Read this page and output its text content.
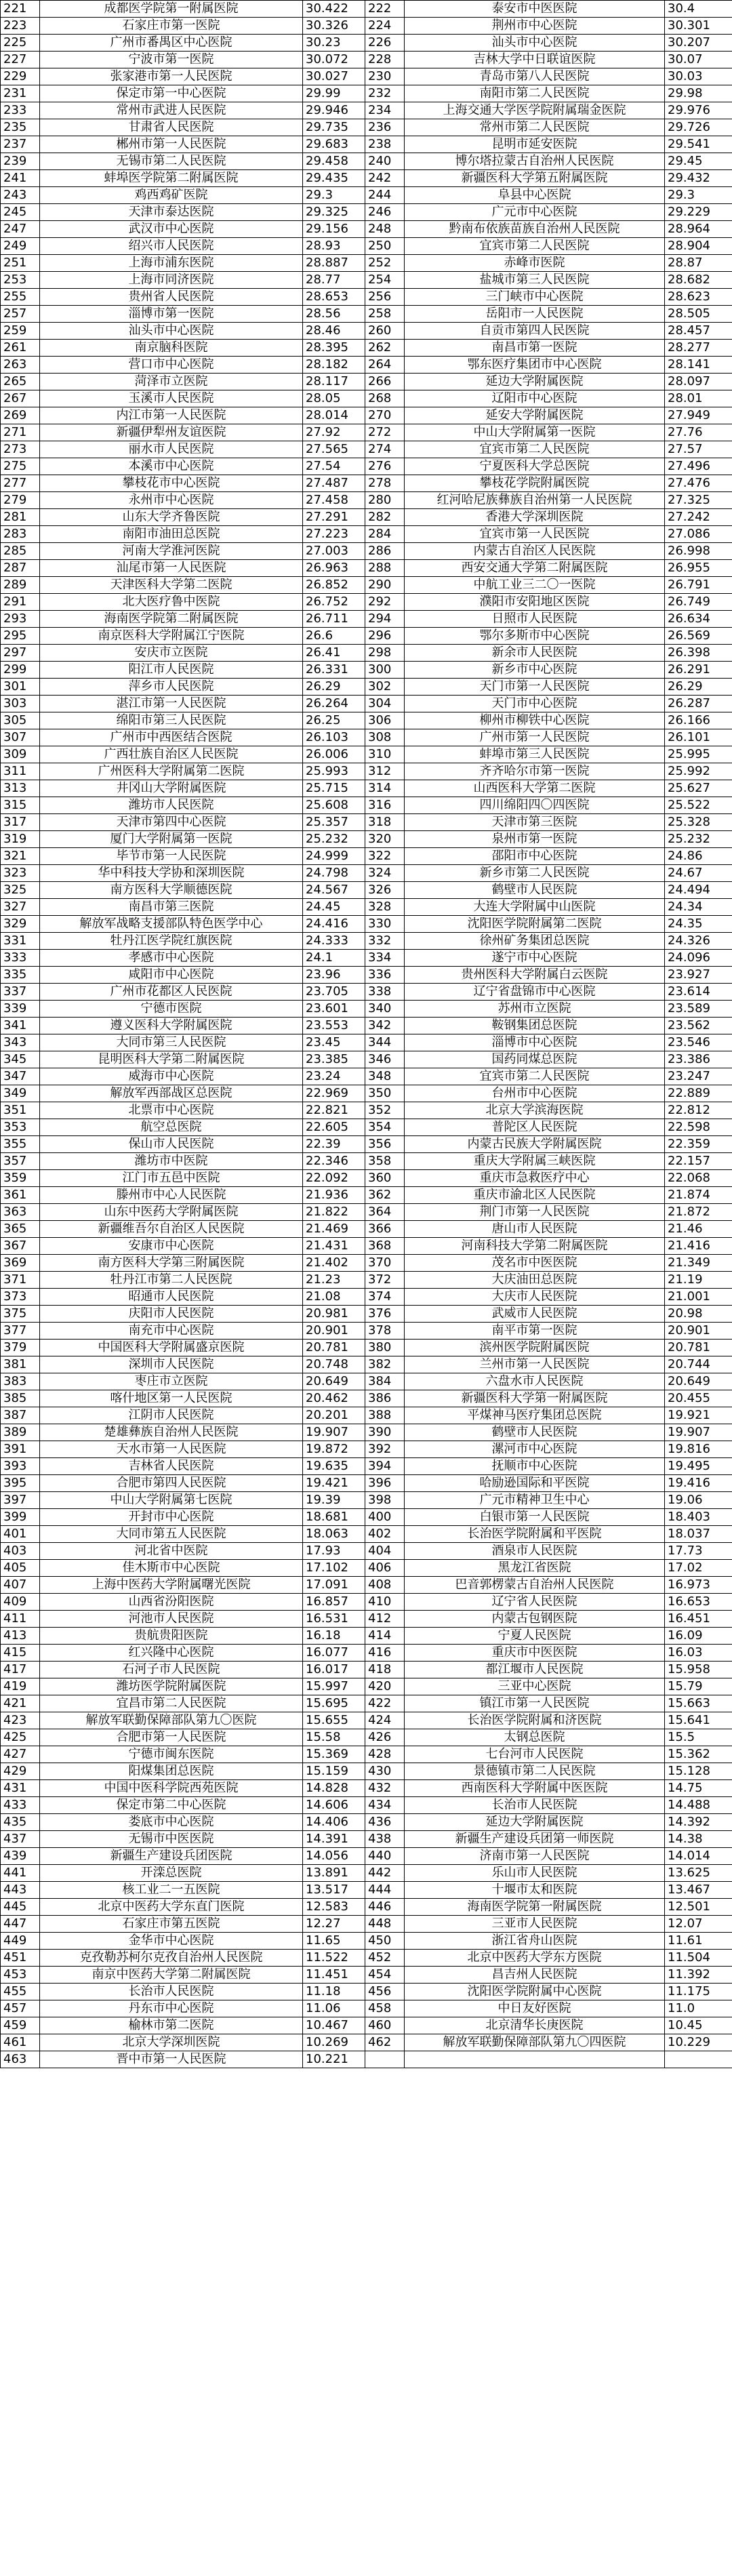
221	成都医学院第一附属医院	30.422	222	泰安市中医医院	30.4
223	石家庄市第一医院	30.326	224	荆州市中心医院	30.301
225	广州市番禺区中心医院	30.23	226	汕头市中心医院	30.207
227	宁波市第一医院	30.072	228	吉林大学中日联谊医院	30.07
229	张家港市第一人民医院	30.027	230	青岛市第八人民医院	30.03
231	保定市第一中心医院	29.99	232	南阳市第二人民医院	29.98
233	常州市武进人民医院	29.946	234	上海交通大学医学院附属瑞金医院	29.976
235	甘肃省人民医院	29.735	236	常州市第二人民医院	29.726
237	郴州市第一人民医院	29.683	238	昆明市延安医院	29.541
239	无锡市第二人民医院	29.458	240	博尔塔拉蒙古自治州人民医院	29.45
241	蚌埠医学院第二附属医院	29.435	242	新疆医科大学第五附属医院	29.432
243	鸡西鸡矿医院	29.3	244	阜县中心医院	29.3
245	天津市泰达医院	29.325	246	广元市中心医院	29.229
247	武汉市中心医院	29.156	248	黔南布依族苗族自治州人民医院	28.964
249	绍兴市人民医院	28.93	250	宜宾市第二人民医院	28.904
251	上海市浦东医院	28.887	252	赤峰市医院	28.87
253	上海市同济医院	28.77	254	盐城市第三人民医院	28.682
255	贵州省人民医院	28.653	256	三门峡市中心医院	28.623
257	淄博市第一医院	28.56	258	岳阳市一人民医院	28.505
259	汕头市中心医院	28.46	260	自贡市第四人民医院	28.457
261	南京脑科医院	28.395	262	南昌市第一医院	28.277
263	营口市中心医院	28.182	264	鄂东医疗集团市中心医院	28.141
265	菏泽市立医院	28.117	266	延边大学附属医院	28.097
267	玉溪市人民医院	28.05	268	辽阳市中心医院	28.01
269	内江市第一人民医院	28.014	270	延安大学附属医院	27.949
271	新疆伊犁州友谊医院	27.92	272	中山大学附属第一医院	27.76
273	丽水市人民医院	27.565	274	宜宾市第二人民医院	27.57
275	本溪市中心医院	27.54	276	宁夏医科大学总医院	27.496
277	攀枝花市中心医院	27.487	278	攀枝花学院附属医院	27.476
279	永州市中心医院	27.458	280	红河哈尼族彝族自治州第一人民医院	27.325
281	山东大学齐鲁医院	27.291	282	香港大学深圳医院	27.242
283	南阳市油田总医院	27.223	284	宜宾市第一人民医院	27.086
285	河南大学淮河医院	27.003	286	内蒙古自治区人民医院	26.998
287	汕尾市第一人民医院	26.963	288	西安交通大学第二附属医院	26.955
289	天津医科大学第二医院	26.852	290	中航工业三二〇一医院	26.791
291	北大医疗鲁中医院	26.752	292	濮阳市安阳地区医院	26.749
293	海南医学院第二附属医院	26.711	294	日照市人民医院	26.634
295	南京医科大学附属江宁医院	26.6	296	鄂尔多斯市中心医院	26.569
297	安庆市立医院	26.41	298	新余市人民医院	26.398
299	阳江市人民医院	26.331	300	新乡市中心医院	26.291
301	萍乡市人民医院	26.29	302	天门市第一人民医院	26.29
303	湛江市第一人民医院	26.264	304	天门市中心医院	26.287
305	绵阳市第三人民医院	26.25	306	柳州市柳铁中心医院	26.166
307	广州市中西医结合医院	26.103	308	广州市第一人民医院	26.101
309	广西壮族自治区人民医院	26.006	310	蚌埠市第三人民医院	25.995
311	广州医科大学附属第二医院	25.993	312	齐齐哈尔市第一医院	25.992
313	井冈山大学附属医院	25.715	314	山西医科大学第二医院	25.627
315	潍坊市人民医院	25.608	316	四川绵阳四〇四医院	25.522
317	天津市第四中心医院	25.357	318	天津市第三医院	25.328
319	厦门大学附属第一医院	25.232	320	泉州市第一医院	25.232
321	毕节市第一人民医院	24.999	322	邵阳市中心医院	24.86
323	华中科技大学协和深圳医院	24.798	324	新乡市第二人民医院	24.67
325	南方医科大学顺德医院	24.567	326	鹤壁市人民医院	24.494
327	南昌市第三医院	24.45	328	大连大学附属中山医院	24.34
329	解放军战略支援部队特色医学中心	24.416	330	沈阳医学院附属第二医院	24.35
331	牡丹江医学院红旗医院	24.333	332	徐州矿务集团总医院	24.326
333	孝感市中心医院	24.1	334	遂宁市中心医院	24.096
335	咸阳市中心医院	23.96	336	贵州医科大学附属白云医院	23.927
337	广州市花都区人民医院	23.705	338	辽宁省盘锦市中心医院	23.614
339	宁德市医院	23.601	340	苏州市立医院	23.589
341	遵义医科大学附属医院	23.553	342	鞍钢集团总医院	23.562
343	大同市第三人民医院	23.45	344	淄博市中心医院	23.546
345	昆明医科大学第二附属医院	23.385	346	国药同煤总医院	23.386
347	威海市中心医院	23.24	348	宜宾市第二人民医院	23.247
349	解放军西部战区总医院	22.969	350	台州市中心医院	22.889
351	北票市中心医院	22.821	352	北京大学滨海医院	22.812
353	航空总医院	22.605	354	普陀区人民医院	22.598
355	保山市人民医院	22.39	356	内蒙古民族大学附属医院	22.359
357	潍坊市中医院	22.346	358	重庆大学附属三峡医院	22.157
359	江门市五邑中医院	22.092	360	重庆市急救医疗中心	22.068
361	滕州市中心人民医院	21.936	362	重庆市渝北区人民医院	21.874
363	山东中医药大学附属医院	21.822	364	荆门市第一人民医院	21.872
365	新疆维吾尔自治区人民医院	21.469	366	唐山市人民医院	21.46
367	安康市中心医院	21.431	368	河南科技大学第二附属医院	21.416
369	南方医科大学第三附属医院	21.402	370	茂名市中医医院	21.349
371	牡丹江市第二人民医院	21.23	372	大庆油田总医院	21.19
373	昭通市人民医院	21.08	374	大庆市人民医院	21.001
375	庆阳市人民医院	20.981	376	武威市人民医院	20.98
377	南充市中心医院	20.901	378	南平市第一医院	20.901
379	中国医科大学附属盛京医院	20.781	380	滨州医学院附属医院	20.781
381	深圳市人民医院	20.748	382	兰州市第一人民医院	20.744
383	枣庄市立医院	20.649	384	六盘水市人民医院	20.649
385	喀什地区第一人民医院	20.462	386	新疆医科大学第一附属医院	20.455
387	江阴市人民医院	20.201	388	平煤神马医疗集团总医院	19.921
389	楚雄彝族自治州人民医院	19.907	390	鹤壁市人民医院	19.907
391	天水市第一人民医院	19.872	392	漯河市中心医院	19.816
393	吉林省人民医院	19.635	394	抚顺市中心医院	19.495
395	合肥市第四人民医院	19.421	396	哈励逊国际和平医院	19.416
397	中山大学附属第七医院	19.39	398	广元市精神卫生中心	19.06
399	开封市中心医院	18.681	400	白银市第一人民医院	18.403
401	大同市第五人民医院	18.063	402	长治医学院附属和平医院	18.037
403	河北省中医院	17.93	404	酒泉市人民医院	17.73
405	佳木斯市中心医院	17.102	406	黑龙江省医院	17.02
407	上海中医药大学附属曙光医院	17.091	408	巴音郭楞蒙古自治州人民医院	16.973
409	山西省汾阳医院	16.857	410	辽宁省人民医院	16.653
411	河池市人民医院	16.531	412	内蒙古包钢医院	16.451
413	贵航贵阳医院	16.18	414	宁夏人民医院	16.09
415	红兴隆中心医院	16.077	416	重庆市中医医院	16.03
417	石河子市人民医院	16.017	418	都江堰市人民医院	15.958
419	潍坊医学院附属医院	15.997	420	三亚中心医院	15.79
421	宜昌市第二人民医院	15.695	422	镇江市第一人民医院	15.663
423	解放军联勤保障部队第九〇医院	15.655	424	长治医学院附属和济医院	15.641
425	合肥市第一人民医院	15.58	426	太钢总医院	15.5
427	宁德市闽东医院	15.369	428	七台河市人民医院	15.362
429	阳煤集团总医院	15.159	430	景德镇市第二人民医院	15.128
431	中国中医科学院西苑医院	14.828	432	西南医科大学附属中医医院	14.75
433	保定市第二中心医院	14.606	434	长治市人民医院	14.488
435	娄底市中心医院	14.406	436	延边大学附属医院	14.392
437	无锡市中医医院	14.391	438	新疆生产建设兵团第一师医院	14.38
439	新疆生产建设兵团医院	14.056	440	济南市第一人民医院	14.014
441	开滦总医院	13.891	442	乐山市人民医院	13.625
443	核工业二一五医院	13.517	444	十堰市太和医院	13.467
445	北京中医药大学东直门医院	12.583	446	海南医学院第一附属医院	12.501
447	石家庄市第五医院	12.27	448	三亚市人民医院	12.07
449	金华市中心医院	11.65	450	浙江省舟山医院	11.61
451	克孜勒苏柯尔克孜自治州人民医院	11.522	452	北京中医药大学东方医院	11.504
453	南京中医药大学第二附属医院	11.451	454	昌吉州人民医院	11.392
455	长治市人民医院	11.18	456	沈阳医学院附属中心医院	11.175
457	丹东市中心医院	11.06	458	中日友好医院	11.0
459	榆林市第二医院	10.467	460	北京清华长庚医院	10.45
461	北京大学深圳医院	10.269	462	解放军联勤保障部队第九〇四医院	10.229
463	晋中市第一人民医院	10.221			
